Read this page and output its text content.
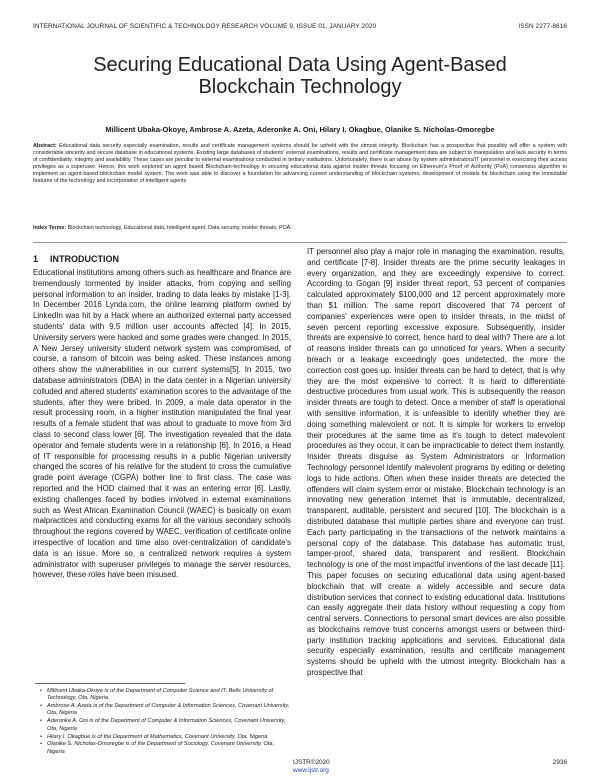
INTERNATIONAL JOURNAL OF SCIENTIFIC & TECHNOLOGY RESEARCH VOLUME 9, ISSUE 01, JANUARY 2020	ISSN 2277-8616
Securing Educational Data Using Agent-Based
Blockchain Technology
Millicent Ubaka-Okoye, Ambrose A. Azeta, Aderonke A. Oni, Hilary I. Okagbue, Olanike S. Nicholas-Omoregbe
Abstract: Educational data security especially examination, results and certificate management systems should be upheld with the utmost integrity. Blockchain has a prospective that possibly will offer a system with considerable sincerity and secure database in educational systems. Existing large databases of students' external examinations, results and certificate management data are subject to manipulation and lack security in terms of confidentiality, integrity and availability. These cases are peculiar to external examinations conducted in tertiary institutions. Unfortunately, there is an abuse by system administrators/IT personnel in exercising their access privileges as a superuser. Hence, this work explored an agent based Blockchain-technology in securing educational data against insider threats focusing on Ethereum's Proof of Authority (PoA) consensus algorithm to implement an agent-based blockchain model system. The work was able to discover a foundation for advancing current understanding of blockchain systems, development of models for blockchain using the immutable features of the technology and incorporation of intelligent agents
Index Terms: Blockchain technology, Educational data, Intelligent agent, Data security, insider threats, POA.
1 INTRODUCTION

Educational institutions among others such as healthcare and finance are tremendously tormented by insider attacks, from copying and selling personal information to an insider, trading to data leaks by mistake [1-3]. In December 2016 Lynda.com, the online learning platform owned by LinkedIn was hit by a Hack where an authorized external party accessed students' data with 9.5 million user accounts affected [4]. In 2015, University servers were hacked and some grades were changed. In 2015, A New Jersey university student network system was compromised, of course, a ransom of bitcoin was being asked. These instances among others show the vulnerabilities in our current systems[5]. In 2015, two database administrators (DBA) in the data center in a Nigerian university colluded and altered students' examination scores to the advantage of the students, after they were bribed. In 2009, a male data operator in the result processing room, in a higher institution manipulated the final year results of a female student that was about to graduate to move from 3rd class to second class lower [6]. The investigation revealed that the data operator and female students were in a relationship [6]. In 2016, a Head of IT responsible for processing results in a public Nigerian university changed the scores of his relative for the student to cross the cumulative grade point average (CGPA) bother line to first class. The case was reported and the HOD claimed that it was an entering error [6]. Lastly, existing challenges faced by bodies involved in external examinations such as West African Examination Council (WAEC) is basically on exam malpractices and conducting exams for all the various secondary schools throughout the regions covered by WAEC, verification of certificate online irrespective of location and time also over-centralization of candidate's data is an issue. More so, a centralized network requires a system administrator with superuser privileges to manage the server resources, however, these roles have been misused.

IT personnel also play a major role in managing the examination, results, and certificate [7-8]. Insider threats are the prime security leakages in every organization, and they are exceedingly expensive to correct. According to Gogan [9] insider threat report, 53 percent of companies calculated approximately $100,000 and 12 percent approximately more than $1 million. The same report discovered that 74 percent of companies' experiences were open to insider threats, in the midst of seven percent reporting excessive exposure. Subsequently, insider threats are expensive to correct, hence hard to deal with? There are a lot of reasons insider threats can go unnoticed for years. When a security breach or a leakage exceedingly goes undetected, the more the correction cost goes up. Insider threats can be hard to detect, that is why they are the most expensive to correct. It is hard to differentiate destructive procedures from usual work. This is subsequently the reason insider threats are tough to detect. Once a member of staff is operational with sensitive information, it is unfeasible to identify whether they are doing something malevolent or not. It is simple for workers to envelop their procedures at the same time as it's tough to detect malevolent procedures as they occur, it can be impracticable to detect them instantly. Insider threats disguise as System Administrators or Information Technology personnel identify malevolent programs by editing or deleting logs to hide actions. Often when these insider threats are detected the offenders will claim system error or mistake. Blockchain technology is an innovating new generation internet that is immutable, decentralized, transparent, auditable, persistent and secured [10]. The blockchain is a distributed database that multiple parties share and everyone can trust. Each party participating in the transactions of the network maintains a personal copy of the database. This database has automatic trust, tamper-proof, shared data, transparent and resilient. Blockchain technology is one of the most impactful inventions of the last decade [11]. This paper focuses on securing educational data using agent-based blockchain that will create a widely accessible and secure data distribution services that connect to existing educational data. Institutions can easily aggregate their data history without requesting a copy from central servers. Connections to personal smart devices are also possible as blockchains remove trust concerns amongst users or between third-party institution tracking applications and services. Educational data security especially examination, results and certificate management systems should be upheld with the utmost integrity. Blockchain has a prospective that

• Millicent Ubaka-Okoye is of the Department of Computer Science and IT, Bells University of Technology, Ota, Nigeria.
• Ambrose A. Azeta is of the Department of Computer & Information Sciences, Covenant University, Ota, Nigeria
• Aderonke A. Oni is of the Department of Computer & Information Sciences, Covenant University, Ota, Nigeria
• Hilary I. Okagbue is of the Department of Mathematics, Covenant University, Ota, Nigeria
• Olanike S. Nicholas-Omoregbe is of the Department of Sociology, Covenant University, Ota, Nigeria
IJSTR©2020
www.ijstr.org
2936
